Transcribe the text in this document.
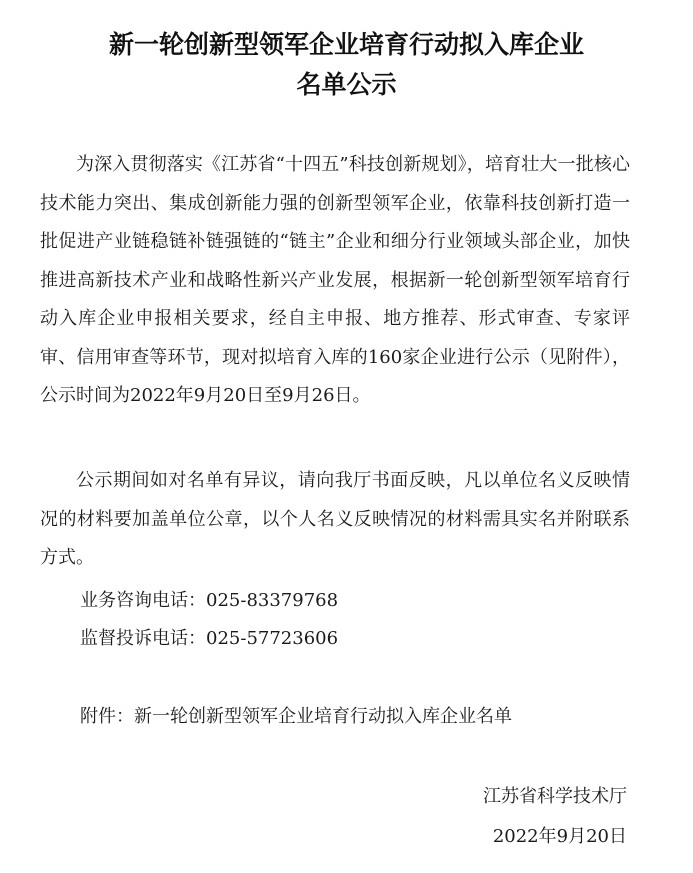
新一轮创新型领军企业培育行动拟入库企业
名单公示

为深入贯彻落实《江苏省“十四五”科技创新规划》，培育壮大一批核心技术能力突出、集成创新能力强的创新型领军企业，依靠科技创新打造一批促进产业链稳链补链强链的“链主”企业和细分行业领域头部企业，加快推进高新技术产业和战略性新兴产业发展，根据新一轮创新型领军培育行动入库企业申报相关要求，经自主申报、地方推荐、形式审查、专家评审、信用审查等环节，现对拟培育入库的160家企业进行公示（见附件），公示时间为2022年9月20日至9月26日。

公示期间如对名单有异议，请向我厅书面反映，凡以单位名义反映情况的材料要加盖单位公章，以个人名义反映情况的材料需具实名并附联系方式。

业务咨询电话：025-83379768
监督投诉电话：025-57723606
附件：新一轮创新型领军企业培育行动拟入库企业名单
江苏省科学技术厅
2022年9月20日
